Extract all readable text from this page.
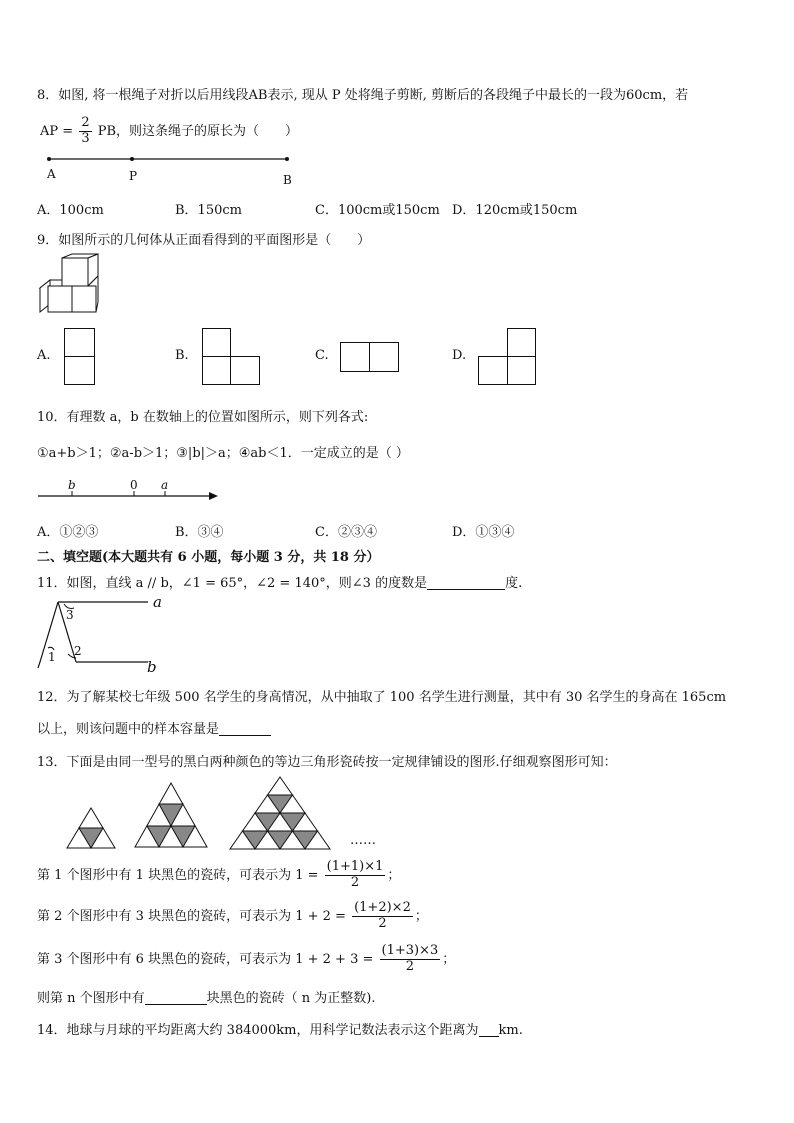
8．如图, 将一根绳子对折以后用线段AB表示, 现从 P 处将绳子剪断, 剪断后的各段绳子中最长的一段为60cm，若
AP = $\frac{2}{3}$ PB，则这条绳子的原长为（　　）
A	P	B
A．100cm	B．150cm	C．100cm或150cm D．120cm或150cm
9．如图所示的几何体从正面看得到的平面图形是（　　）
A.	B.	C.	D.
10．有理数 a，b 在数轴上的位置如图所示，则下列各式:
①a+b＞1；②a-b＞1；③|b|＞a；④ab＜1．一定成立的是（ ）
b	0 a
A．①②③	B．③④	C．②③④	D．①③④
二、填空题(本大题共有 6 小题，每小题 3 分，共 18 分）
11．如图，直线 a // b，∠1 = 65°，∠2 = 140°，则∠3 的度数是	度.
a
b
3
1 2
12．为了解某校七年级 500 名学生的身高情况，从中抽取了 100 名学生进行测量，其中有 30 名学生的身高在 165cm
以上，则该问题中的样本容量是
13．下面是由同一型号的黑白两种颜色的等边三角形瓷砖按一定规律铺设的图形.仔细观察图形可知：
……
第 1 个图形中有 1 块黑色的瓷砖，可表示为 $1 = \frac{(1+1)\times 1}{2}$ ；
第 2 个图形中有 3 块黑色的瓷砖，可表示为 $1 + 2 = \frac{(1+2)\times 2}{2}$ ；
第 3 个图形中有 6 块黑色的瓷砖，可表示为 $1 + 2 + 3 = \frac{(1+3)\times 3}{2}$ ；
则第 n 个图形中有	块黑色的瓷砖（ n 为正整数).
14．地球与月球的平均距离大约 384000km，用科学记数法表示这个距离为 km.
